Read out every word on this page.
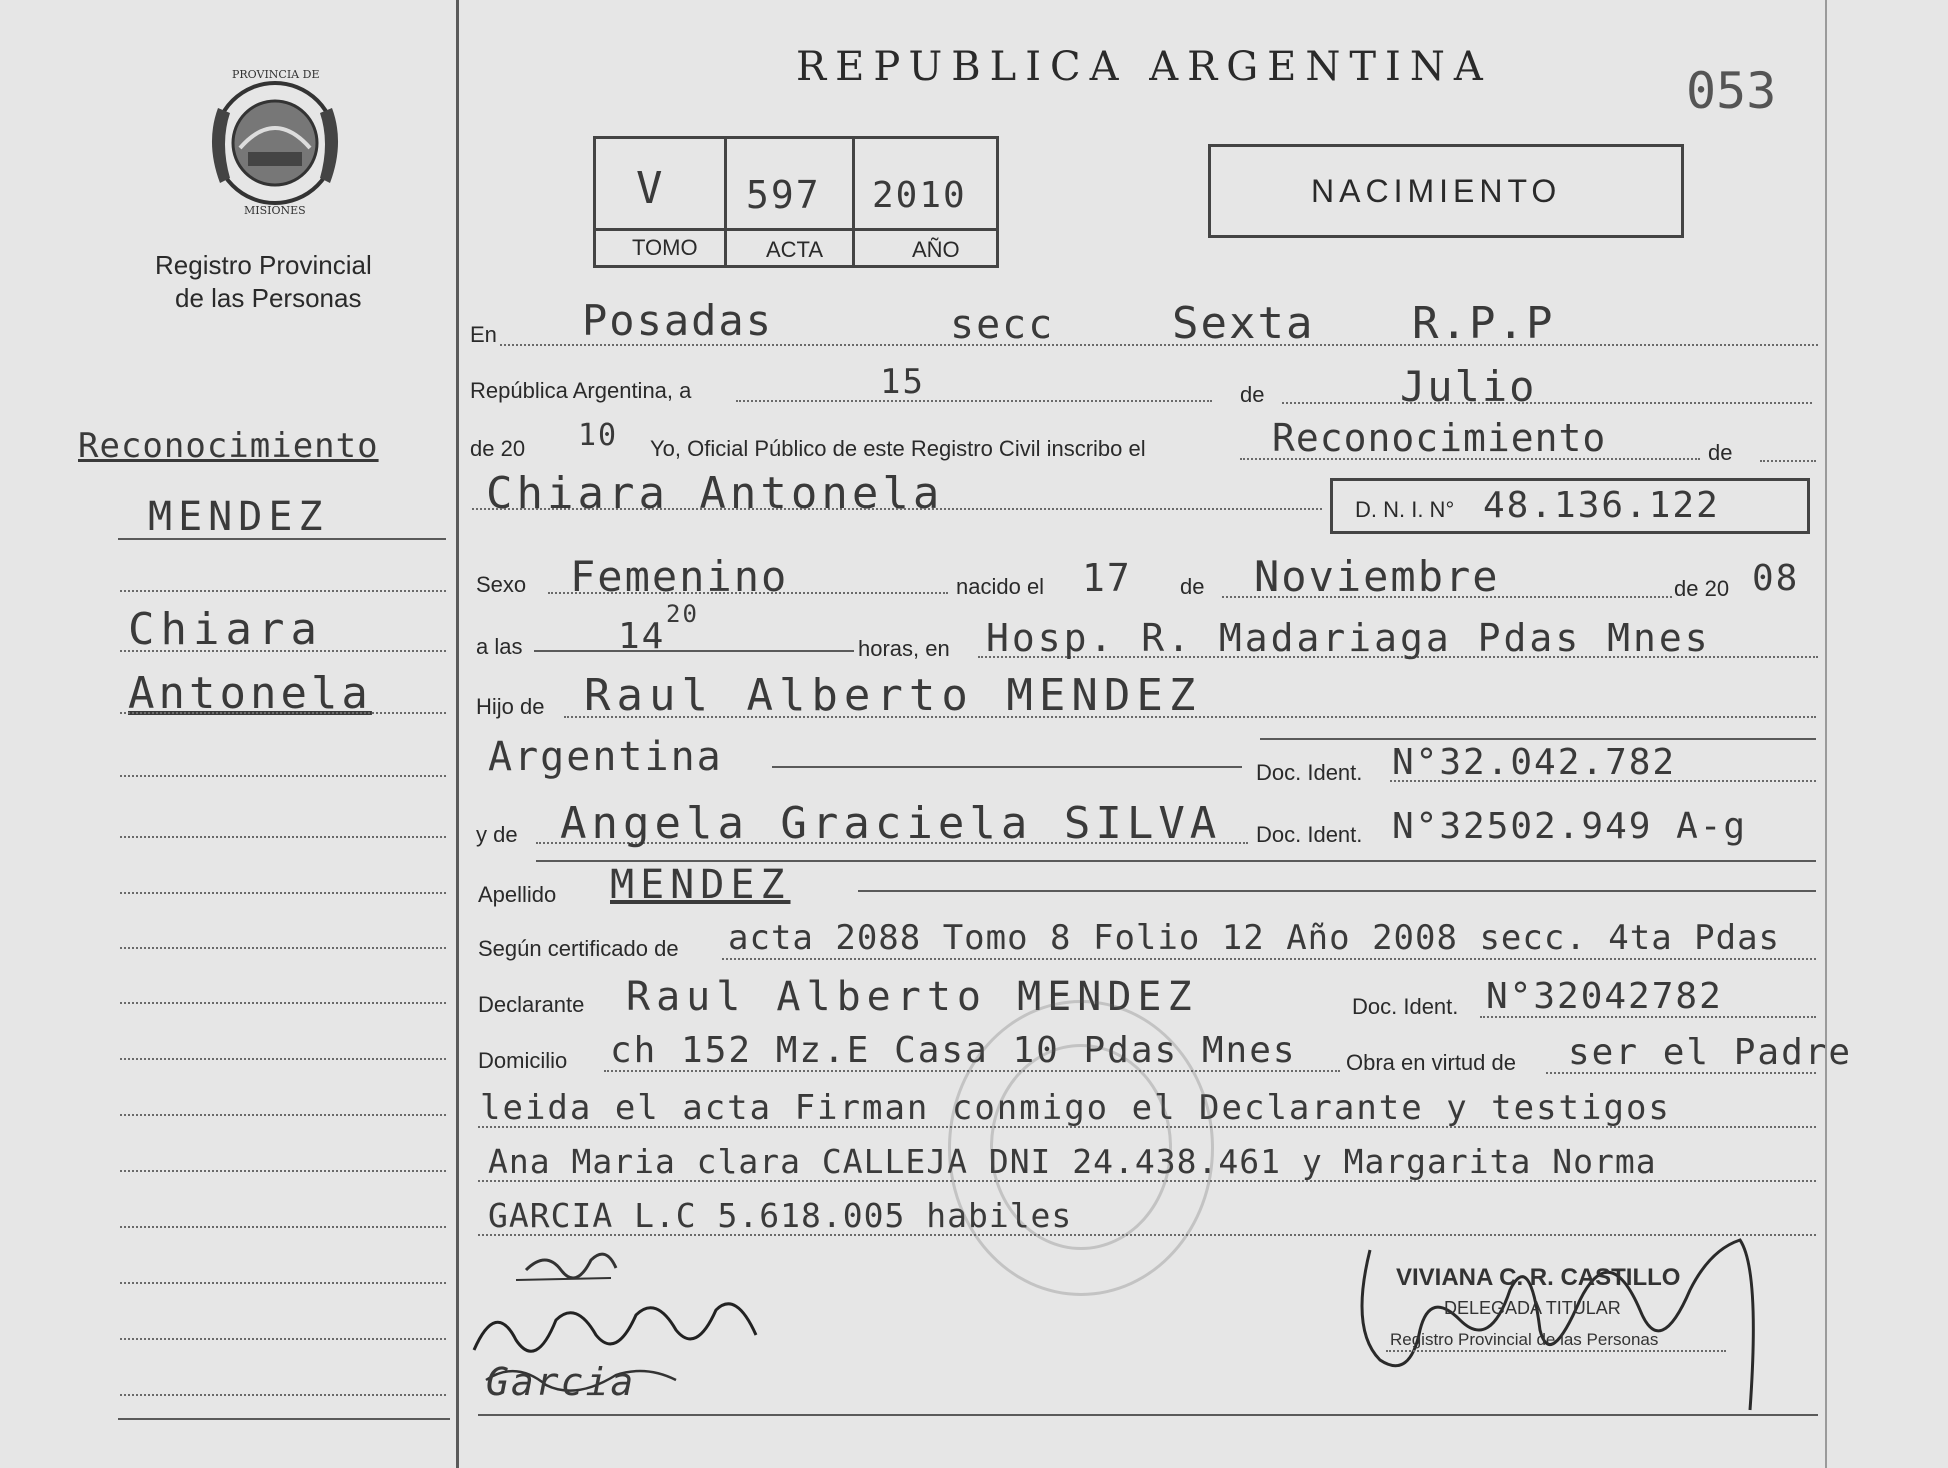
PROVINCIA DE
MISIONES
Registro Provincial
de las Personas
Reconocimiento
MENDEZ
Chiara
Antonela
REPUBLICA ARGENTINA	053
V 597 2010
TOMO	ACTA	AÑO
NACIMIENTO
En Posadas	secc	Sexta R.P.P
República Argentina, a	15	de	Julio
de 20 10 Yo, Oficial Público de este Registro Civil inscribo el	Reconocimiento	de
Chiara Antonela	D. N. I. N° 48.136.122
Sexo Femenino	nacido el 17 de Noviembre	de 20 08
a las	14
20
horas, en Hosp. R. Madariaga Pdas Mnes
Hijo de Raul Alberto MENDEZ
Argentina	Doc. Ident. N°32.042.782
y de Angela Graciela SILVA Doc. Ident. N°32502.949 A-g
Apellido MENDEZ
Según certificado de acta 2088 Tomo 8 Folio 12 Año 2008 secc. 4ta Pdas
Declarante Raul Alberto MENDEZ	Doc. Ident. N°32042782
Domicilio ch 152 Mz.E Casa 10 Pdas Mnes Obra en virtud de ser el Padre
leida el acta Firman conmigo el Declarante y testigos
Ana Maria clara CALLEJA DNI 24.438.461 y Margarita Norma
GARCIA L.C 5.618.005 habiles
Garcia
VIVIANA C. R. CASTILLO
DELEGADA TITULAR
Registro Provincial de las Personas
